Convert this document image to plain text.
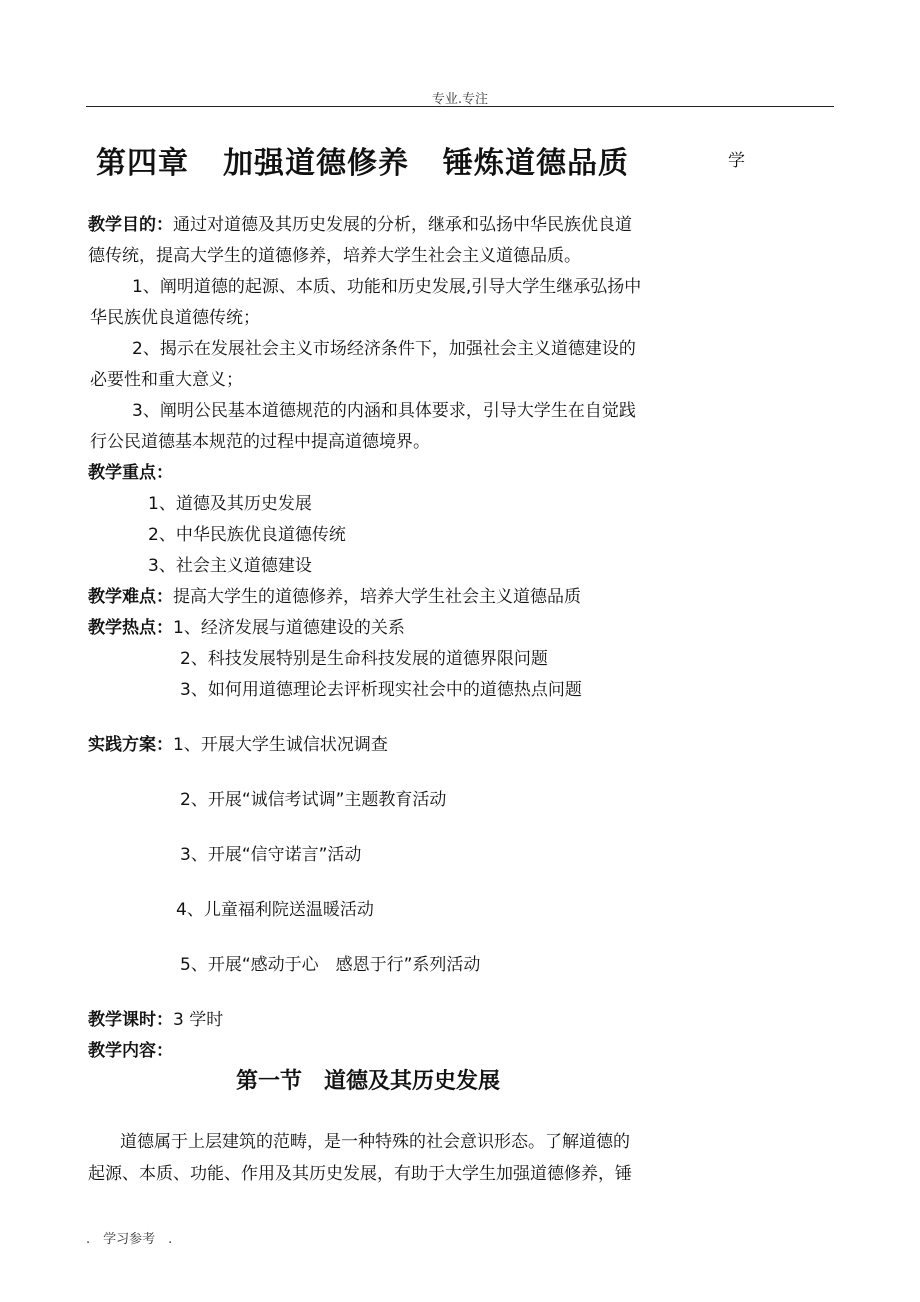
专业.专注
第四章 加强道德修养 锤炼道德品质	学
教学目的：通过对道德及其历史发展的分析，继承和弘扬中华民族优良道
德传统，提高大学生的道德修养，培养大学生社会主义道德品质。
1、阐明道德的起源、本质、功能和历史发展,引导大学生继承弘扬中
华民族优良道德传统；
2、揭示在发展社会主义市场经济条件下，加强社会主义道德建设的
必要性和重大意义；
3、阐明公民基本道德规范的内涵和具体要求，引导大学生在自觉践
行公民道德基本规范的过程中提高道德境界。
教学重点：
1、道德及其历史发展
2、中华民族优良道德传统
3、社会主义道德建设
教学难点：提高大学生的道德修养，培养大学生社会主义道德品质
教学热点：1、经济发展与道德建设的关系
2、科技发展特别是生命科技发展的道德界限问题
3、如何用道德理论去评析现实社会中的道德热点问题
实践方案：1、开展大学生诚信状况调查
2、开展“诚信考试调”主题教育活动
3、开展“信守诺言”活动
4、儿童福利院送温暖活动
5、开展“感动于心　感恩于行”系列活动
教学课时：3 学时
教学内容：
第一节　道德及其历史发展
道德属于上层建筑的范畴，是一种特殊的社会意识形态。了解道德的
起源、本质、功能、作用及其历史发展，有助于大学生加强道德修养，锤
.　学习参考　.
